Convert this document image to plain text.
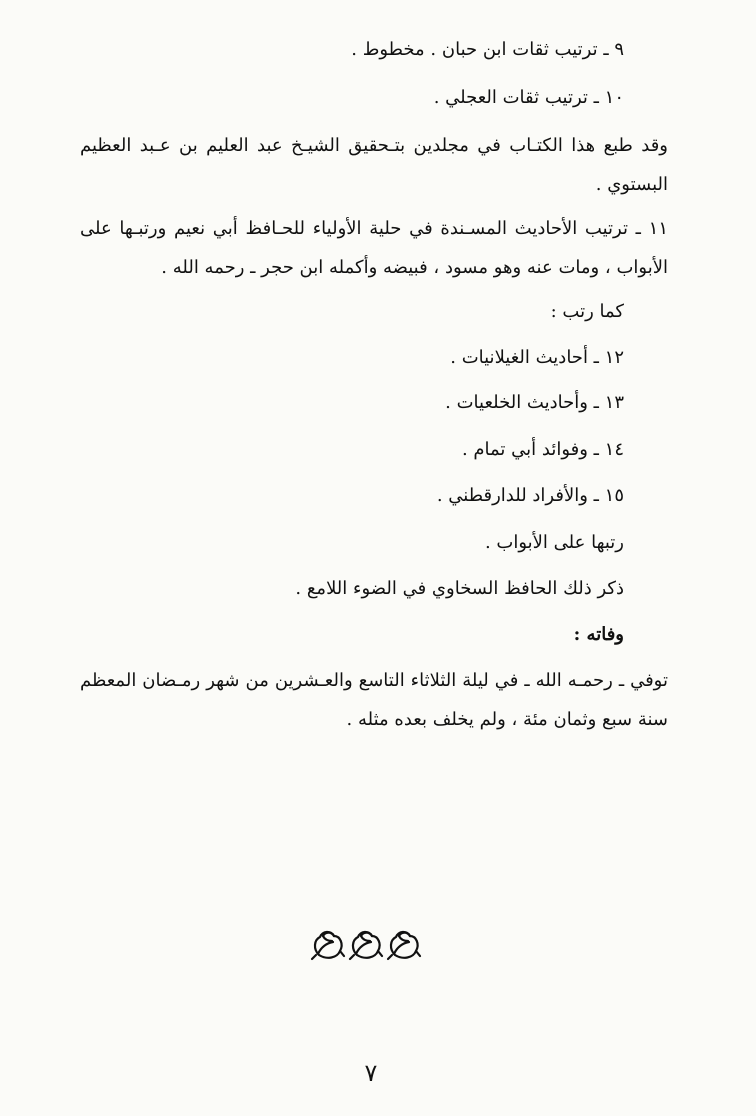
٩ ـ ترتيب ثقات ابن حبان . مخطوط .
١٠ ـ ترتيب ثقات العجلي .
وقد طبع هذا الكتـاب في مجلدين بتـحقيق الشيـخ عبد العليم بن عـبد العظيم
البستوي .
١١ ـ ترتيب الأحاديث المسـندة في حلية الأولياء للحـافظ أبي نعيم ورتبـها على
الأبواب ، ومات عنه وهو مسود ، فبيضه وأكمله ابن حجر ـ رحمه الله .
كما رتب :
١٢ ـ أحاديث الغيلانيات .
١٣ ـ وأحاديث الخلعيات .
١٤ ـ وفوائد أبي تمام .
١٥ ـ والأفراد للدارقطني .
رتبها على الأبواب .
ذكر ذلك الحافظ السخاوي في الضوء اللامع .
وفاته :
توفي ـ رحمـه الله ـ في ليلة الثلاثاء التاسع والعـشرين من شهر رمـضان المعظم
سنة سبع وثمان مئة ، ولم يخلف بعده مثله .
٧
